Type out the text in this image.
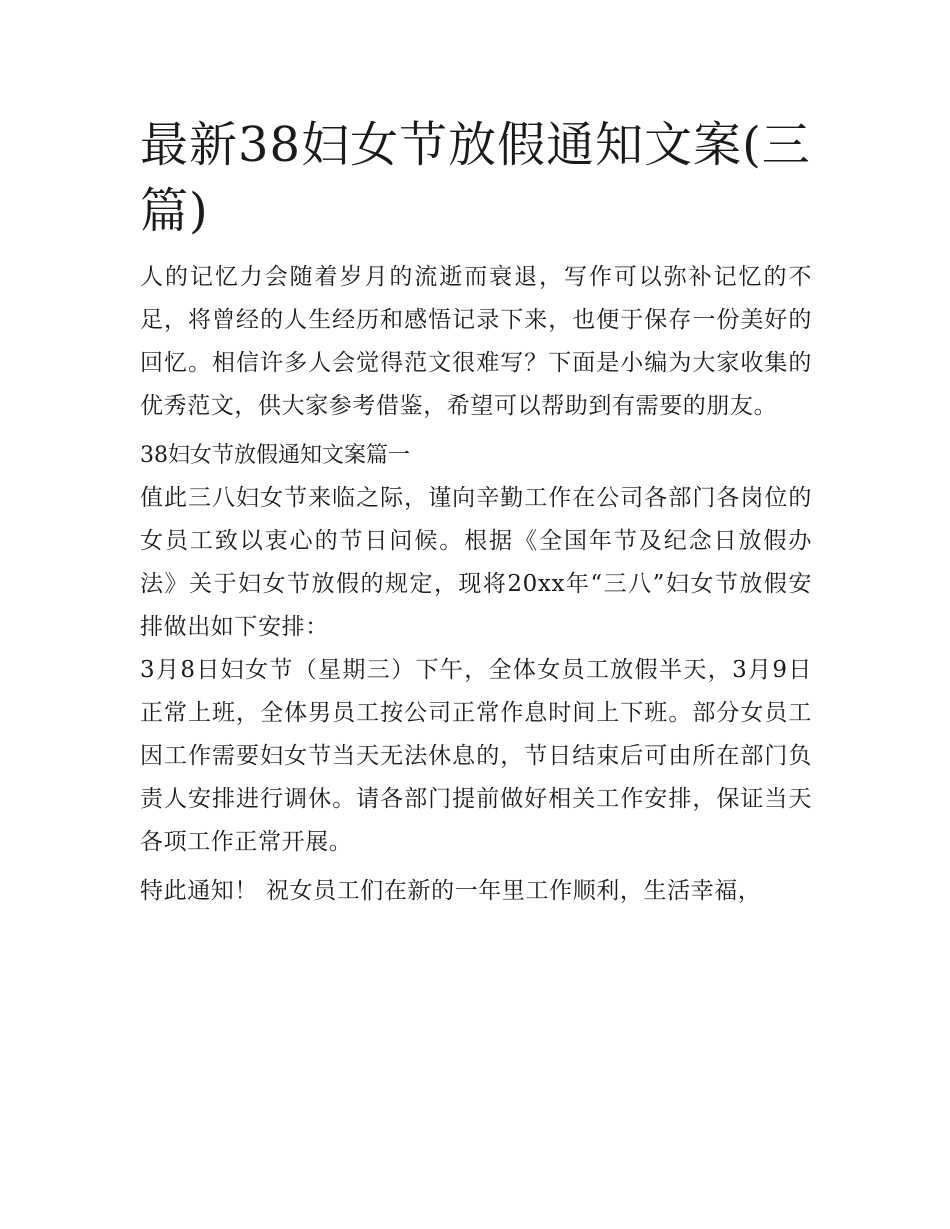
最新38妇女节放假通知文案(三篇)

人的记忆力会随着岁月的流逝而衰退，写作可以弥补记忆的不足，将曾经的人生经历和感悟记录下来，也便于保存一份美好的回忆。相信许多人会觉得范文很难写？下面是小编为大家收集的优秀范文，供大家参考借鉴，希望可以帮助到有需要的朋友。

38妇女节放假通知文案篇一

值此三八妇女节来临之际，谨向辛勤工作在公司各部门各岗位的女员工致以衷心的节日问候。根据《全国年节及纪念日放假办法》关于妇女节放假的规定，现将20xx年“三八”妇女节放假安排做出如下安排：

3月8日妇女节（星期三）下午，全体女员工放假半天，3月9日正常上班，全体男员工按公司正常作息时间上下班。部分女员工因工作需要妇女节当天无法休息的，节日结束后可由所在部门负责人安排进行调休。请各部门提前做好相关工作安排，保证当天各项工作正常开展。

特此通知！ 祝女员工们在新的一年里工作顺利，生活幸福，
